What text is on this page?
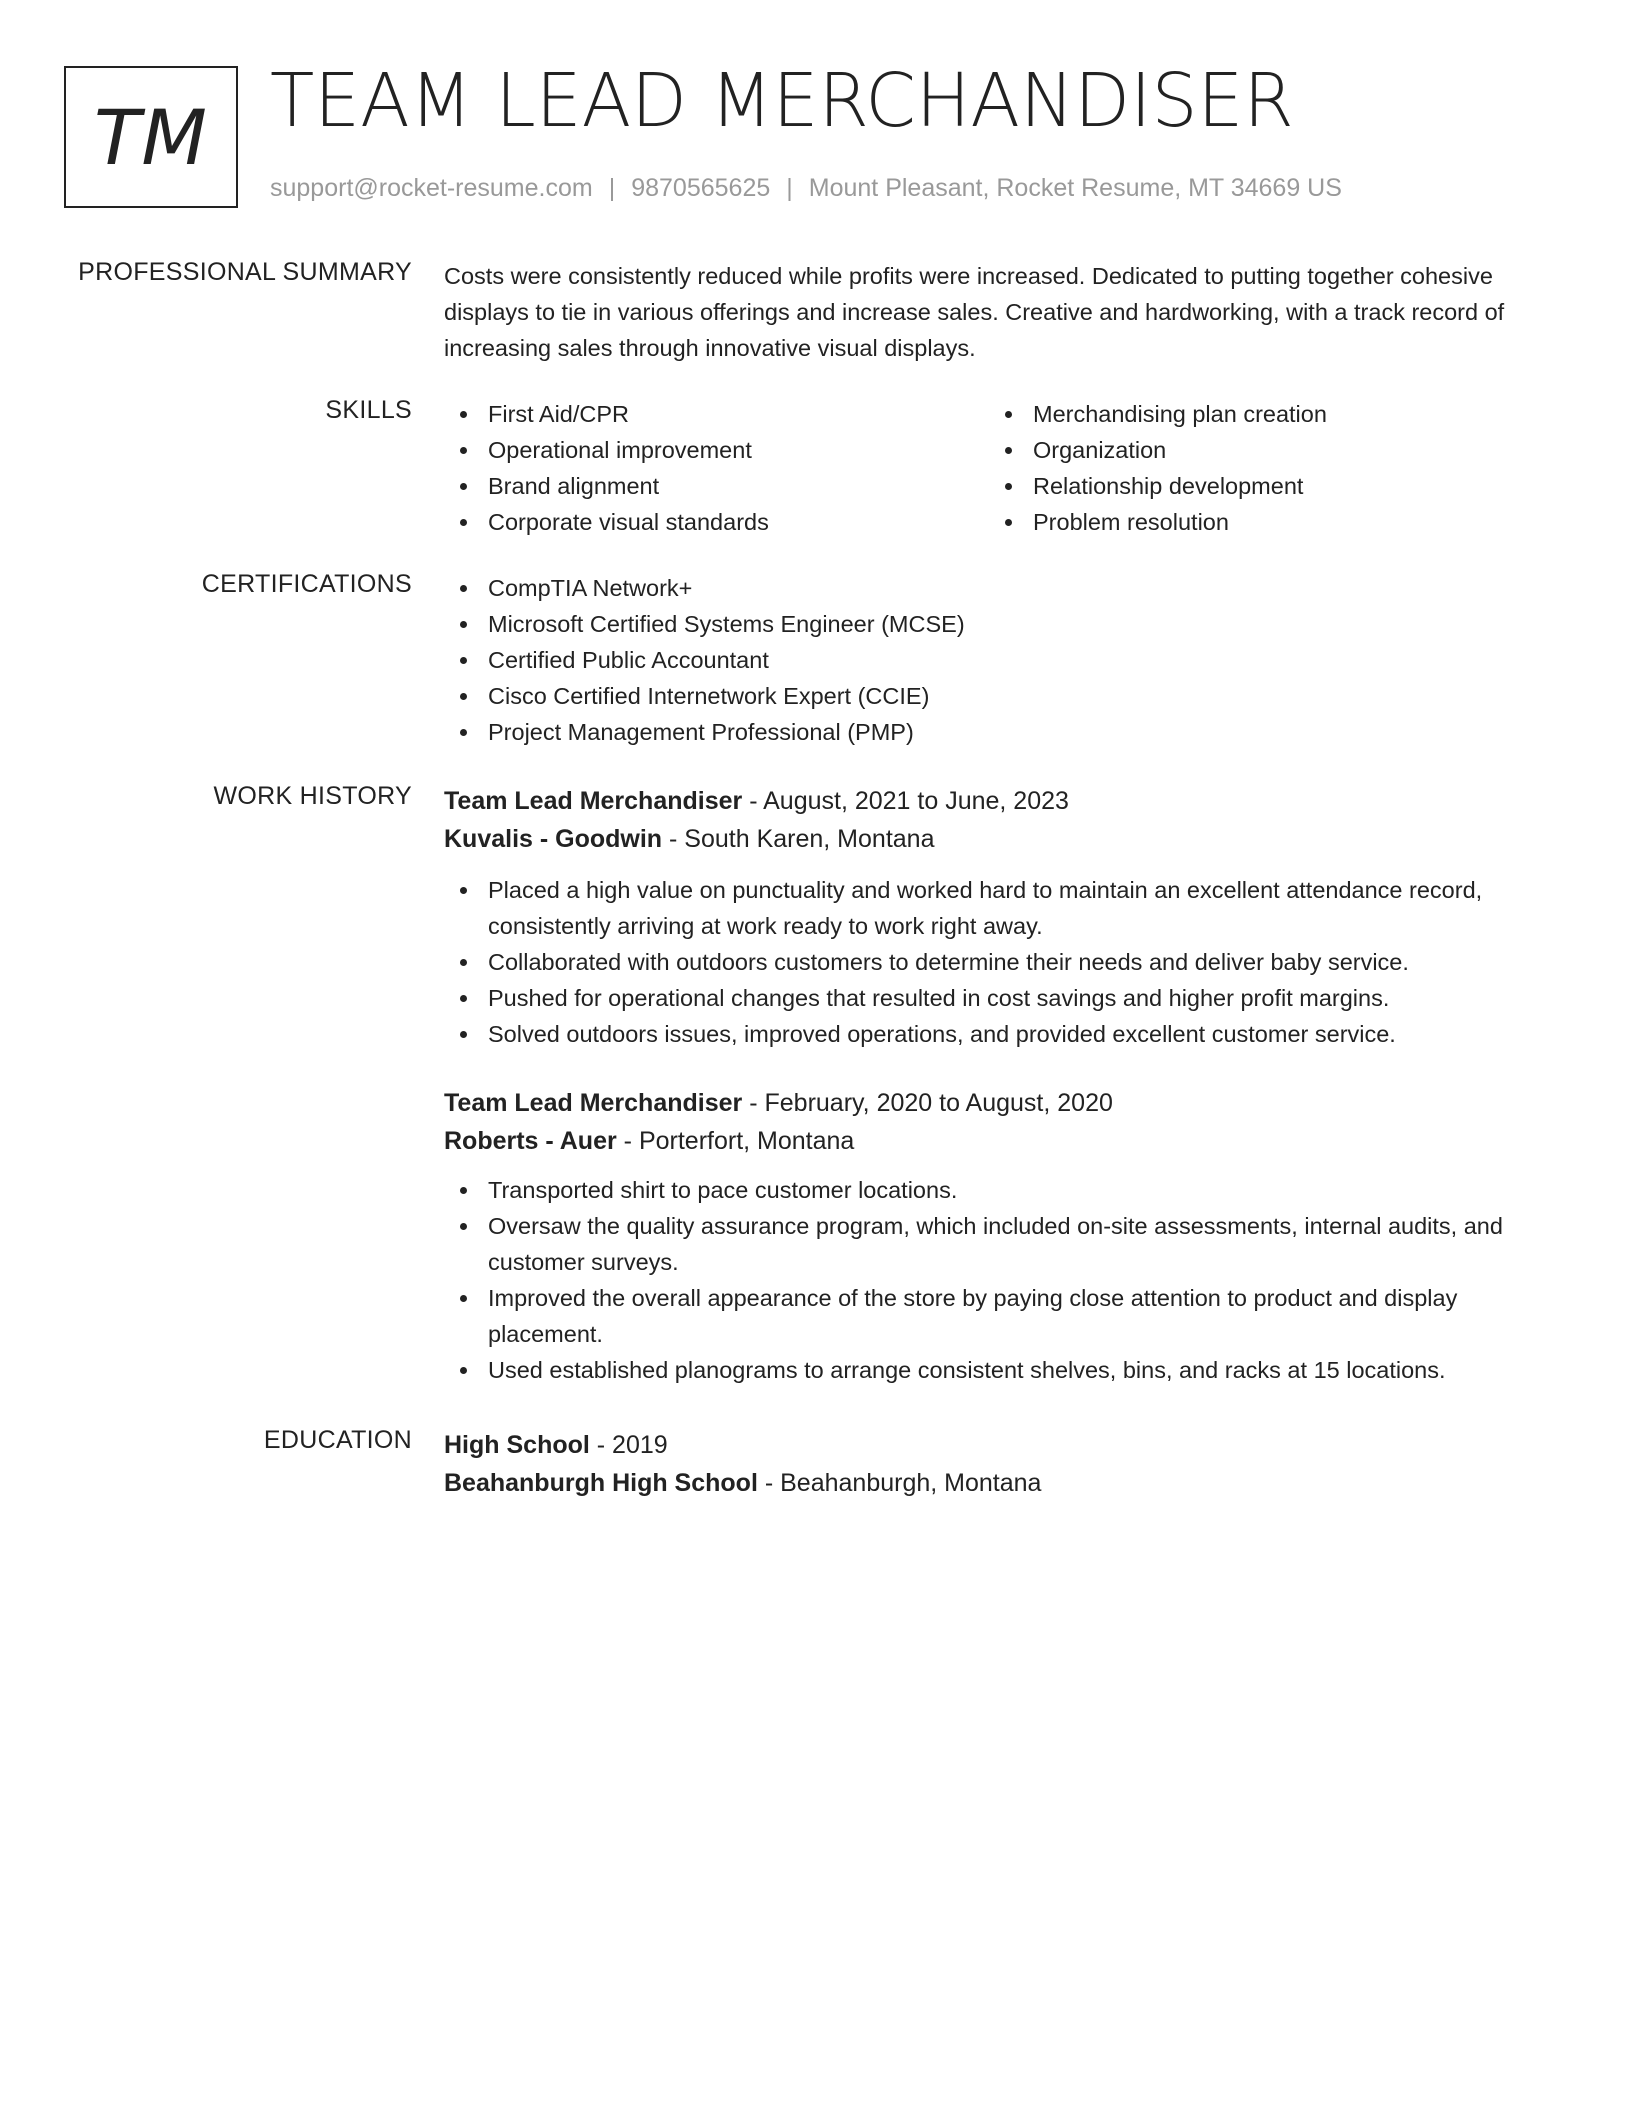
TM TEAM LEAD MERCHANDISER
support@rocket-resume.com | 9870565625 | Mount Pleasant, Rocket Resume, MT 34669 US
PROFESSIONAL SUMMARY Costs were consistently reduced while profits were increased. Dedicated to putting together cohesive displays to tie in various offerings and increase sales. Creative and hardworking, with a track record of increasing sales through innovative visual displays.
SKILLS	First Aid/CPR
Operational improvement
Brand alignment
Corporate visual standards
Merchandising plan creation
Organization
Relationship development
Problem resolution
CERTIFICATIONS	CompTIA Network+
Microsoft Certified Systems Engineer (MCSE)
Certified Public Accountant
Cisco Certified Internetwork Expert (CCIE)
Project Management Professional (PMP)
WORK HISTORY Team Lead Merchandiser - August, 2021 to June, 2023
Kuvalis - Goodwin - South Karen, Montana
Placed a high value on punctuality and worked hard to maintain an excellent attendance record, consistently arriving at work ready to work right away.
Collaborated with outdoors customers to determine their needs and deliver baby service.
Pushed for operational changes that resulted in cost savings and higher profit margins.
Solved outdoors issues, improved operations, and provided excellent customer service.
Team Lead Merchandiser - February, 2020 to August, 2020
Roberts - Auer - Porterfort, Montana
Transported shirt to pace customer locations.
Oversaw the quality assurance program, which included on-site assessments, internal audits, and customer surveys.
Improved the overall appearance of the store by paying close attention to product and display placement.
Used established planograms to arrange consistent shelves, bins, and racks at 15 locations.
EDUCATION High School - 2019
Beahanburgh High School - Beahanburgh, Montana
